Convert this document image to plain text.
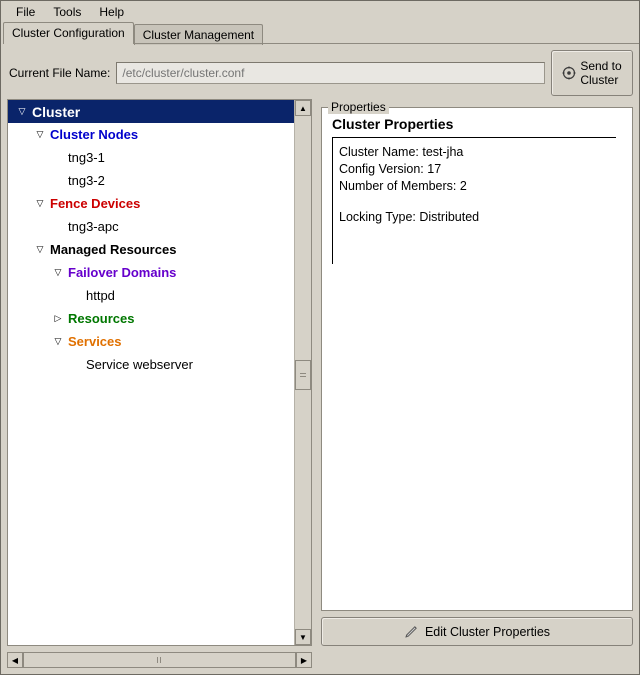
File	Tools	Help
Cluster Configuration	Cluster Management
Current File Name:
/etc/cluster/cluster.conf	Send to
Cluster
▽ Cluster
▽ Cluster Nodes
tng3-1
tng3-2
▽ Fence Devices
tng3-apc
▽ Managed Resources
▽ Failover Domains
httpd
▷ Resources
▽ Services
Service webserver
▲
▼
Properties
Cluster Properties
Cluster Name: test-jha
Config Version: 17
Number of Members: 2
Locking Type: Distributed
Edit Cluster Properties
◀	▶
